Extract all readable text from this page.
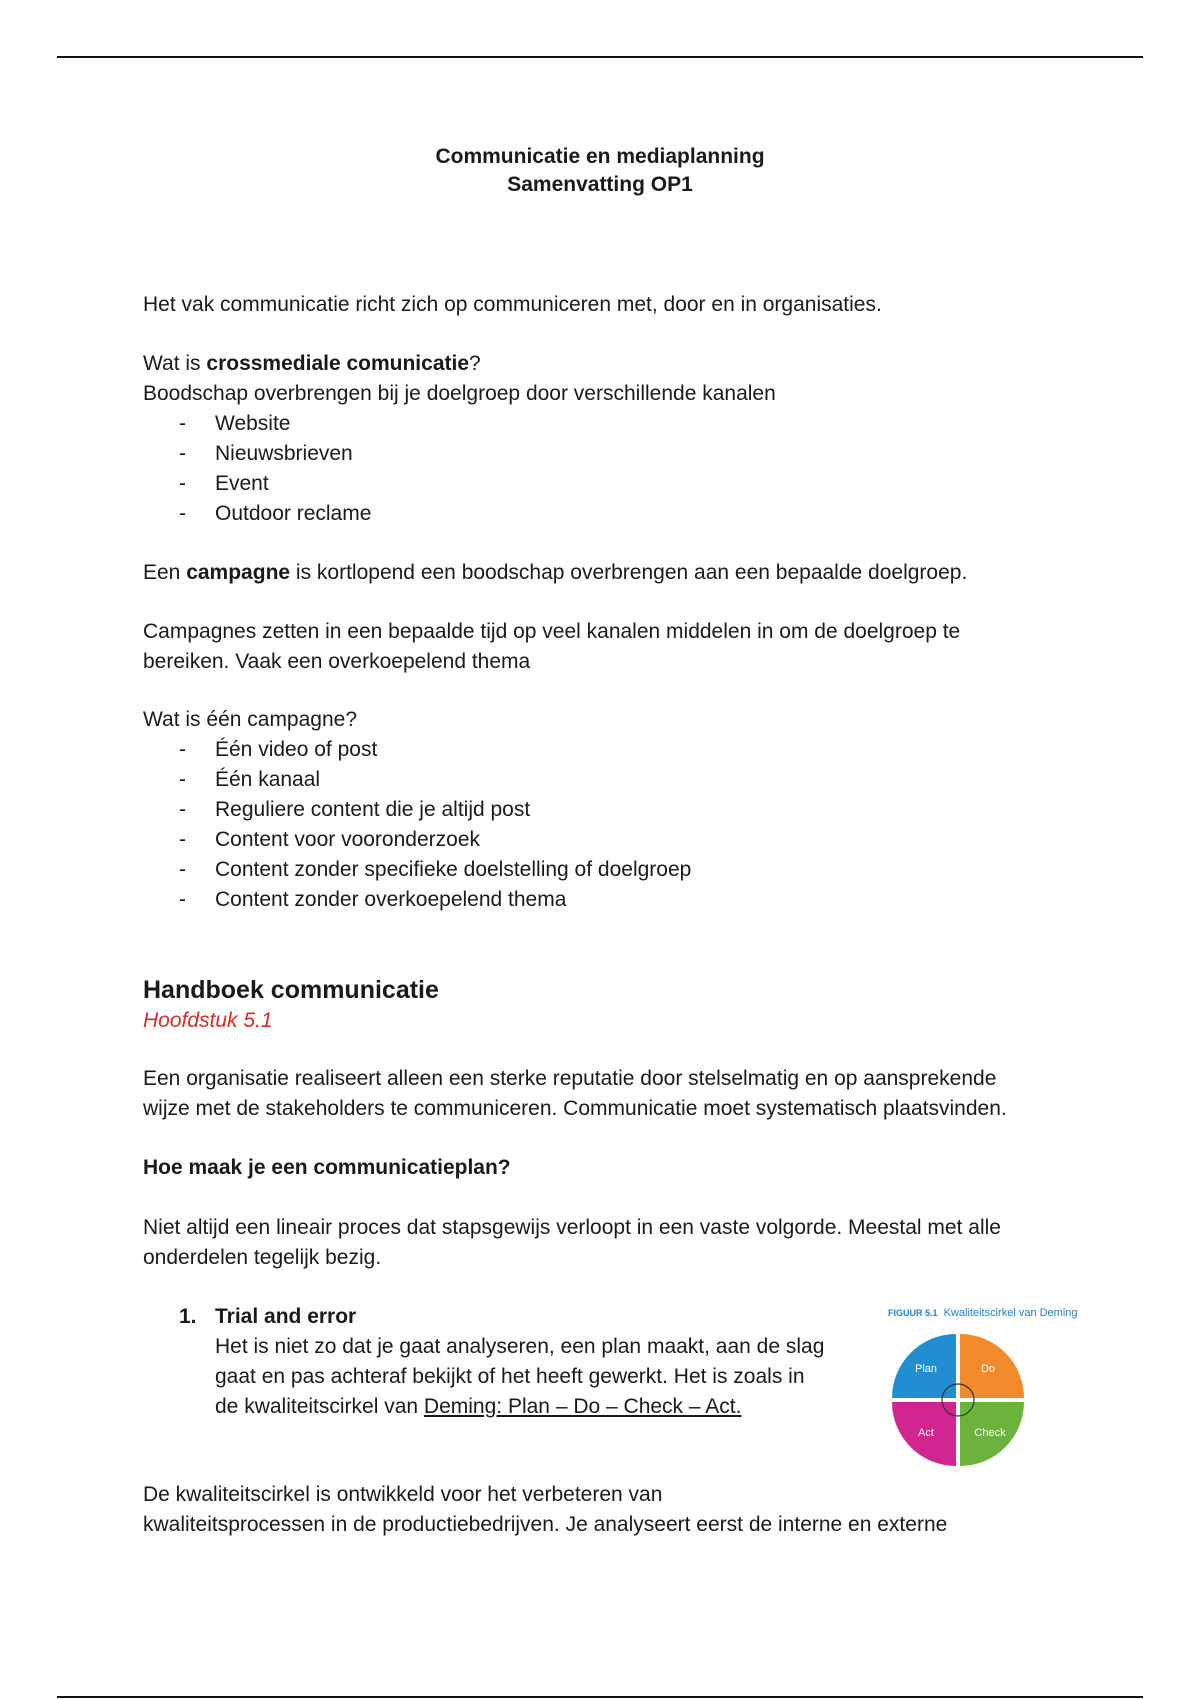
Communicatie en mediaplanning
Samenvatting OP1

Het vak communicatie richt zich op communiceren met, door en in organisaties.

Wat is crossmediale comunicatie?

Boodschap overbrengen bij je doelgroep door verschillende kanalen

- Website
- Nieuwsbrieven
- Event
- Outdoor reclame

Een campagne is kortlopend een boodschap overbrengen aan een bepaalde doelgroep.

Campagnes zetten in een bepaalde tijd op veel kanalen middelen in om de doelgroep te

bereiken. Vaak een overkoepelend thema

Wat is één campagne?

- Één video of post
- Één kanaal
- Reguliere content die je altijd post
- Content voor vooronderzoek
- Content zonder specifieke doelstelling of doelgroep
- Content zonder overkoepelend thema
Handboek communicatie
Hoofdstuk 5.1

Een organisatie realiseert alleen een sterke reputatie door stelselmatig en op aansprekende

wijze met de stakeholders te communiceren. Communicatie moet systematisch plaatsvinden.

Hoe maak je een communicatieplan?

Niet altijd een lineair proces dat stapsgewijs verloopt in een vaste volgorde. Meestal met alle

onderdelen tegelijk bezig.

1. Trial and error

Het is niet zo dat je gaat analyseren, een plan maakt, aan de slag

gaat en pas achteraf bekijkt of het heeft gewerkt. Het is zoals in

de kwaliteitscirkel van Deming: Plan – Do – Check – Act.

De kwaliteitscirkel is ontwikkeld voor het verbeteren van

kwaliteitsprocessen in de productiebedrijven. Je analyseert eerst de interne en externe

FIGUUR 5.1 Kwaliteitscirkel van Deming
Plan	Do
Act	Check
